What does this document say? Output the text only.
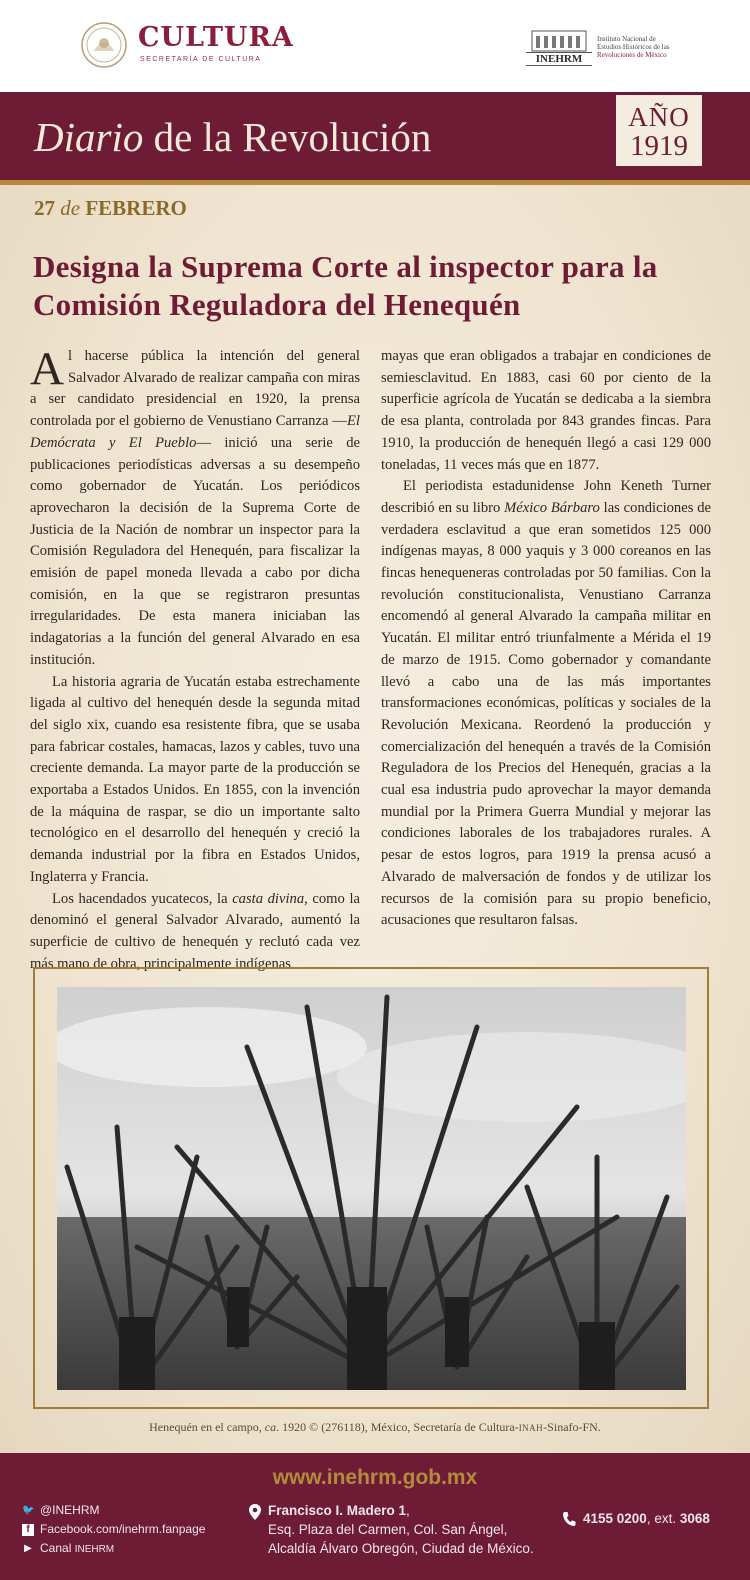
CULTURA
SECRETARÍA DE CULTURA	INEHRM
Instituto Nacional de
Estudios Históricos de las
Revoluciones de México
Diario de la Revolución	AÑO
1919
27 de FEBRERO
Designa la Suprema Corte al inspector para la Comisión Reguladora del Henequén

Al hacerse pública la intención del general Salvador Alvarado de realizar campaña con miras a ser candidato presidencial en 1920, la prensa controlada por el gobierno de Venustiano Carranza —El Demócrata y El Pueblo— inició una serie de publicaciones periodísticas adversas a su desempeño como gobernador de Yucatán. Los periódicos aprovecharon la decisión de la Suprema Corte de Justicia de la Nación de nombrar un inspector para la Comisión Reguladora del Henequén, para fiscalizar la emisión de papel moneda llevada a cabo por dicha comisión, en la que se registraron presuntas irregularidades. De esta manera iniciaban las indagatorias a la función del general Alvarado en esa institución.

La historia agraria de Yucatán estaba estrechamente ligada al cultivo del henequén desde la segunda mitad del siglo xix, cuando esa resistente fibra, que se usaba para fabricar costales, hamacas, lazos y cables, tuvo una creciente demanda. La mayor parte de la producción se exportaba a Estados Unidos. En 1855, con la invención de la máquina de raspar, se dio un importante salto tecnológico en el desarrollo del henequén y creció la demanda industrial por la fibra en Estados Unidos, Inglaterra y Francia.

Los hacendados yucatecos, la casta divina, como la denominó el general Salvador Alvarado, aumentó la superficie de cultivo de henequén y reclutó cada vez más mano de obra, principalmente indígenas

mayas que eran obligados a trabajar en condiciones de semiesclavitud. En 1883, casi 60 por ciento de la superficie agrícola de Yucatán se dedicaba a la siembra de esa planta, controlada por 843 grandes fincas. Para 1910, la producción de henequén llegó a casi 129 000 toneladas, 11 veces más que en 1877.

El periodista estadunidense John Keneth Turner describió en su libro México Bárbaro las condiciones de verdadera esclavitud a que eran sometidos 125 000 indígenas mayas, 8 000 yaquis y 3 000 coreanos en las fincas henequeneras controladas por 50 familias. Con la revolución constitucionalista, Venustiano Carranza encomendó al general Alvarado la campaña militar en Yucatán. El militar entró triunfalmente a Mérida el 19 de marzo de 1915. Como gobernador y comandante llevó a cabo una de las más importantes transformaciones económicas, políticas y sociales de la Revolución Mexicana. Reordenó la producción y comercialización del henequén a través de la Comisión Reguladora de los Precios del Henequén, gracias a la cual esa industria pudo aprovechar la mayor demanda mundial por la Primera Guerra Mundial y mejorar las condiciones laborales de los trabajadores rurales. A pesar de estos logros, para 1919 la prensa acusó a Alvarado de malversación de fondos y de utilizar los recursos de la comisión para su propio beneficio, acusaciones que resultaron falsas.

Henequén en el campo, ca. 1920 © (276118), México, Secretaría de Cultura-INAH-Sinafo-FN.
www.inehrm.gob.mx
🐦 @INEHRM
f Facebook.com/inehrm.fanpage
▶ Canal INEHRM
Francisco I. Madero 1,
Esq. Plaza del Carmen, Col. San Ángel,
Alcaldía Álvaro Obregón, Ciudad de México.
4155 0200, ext. 3068
